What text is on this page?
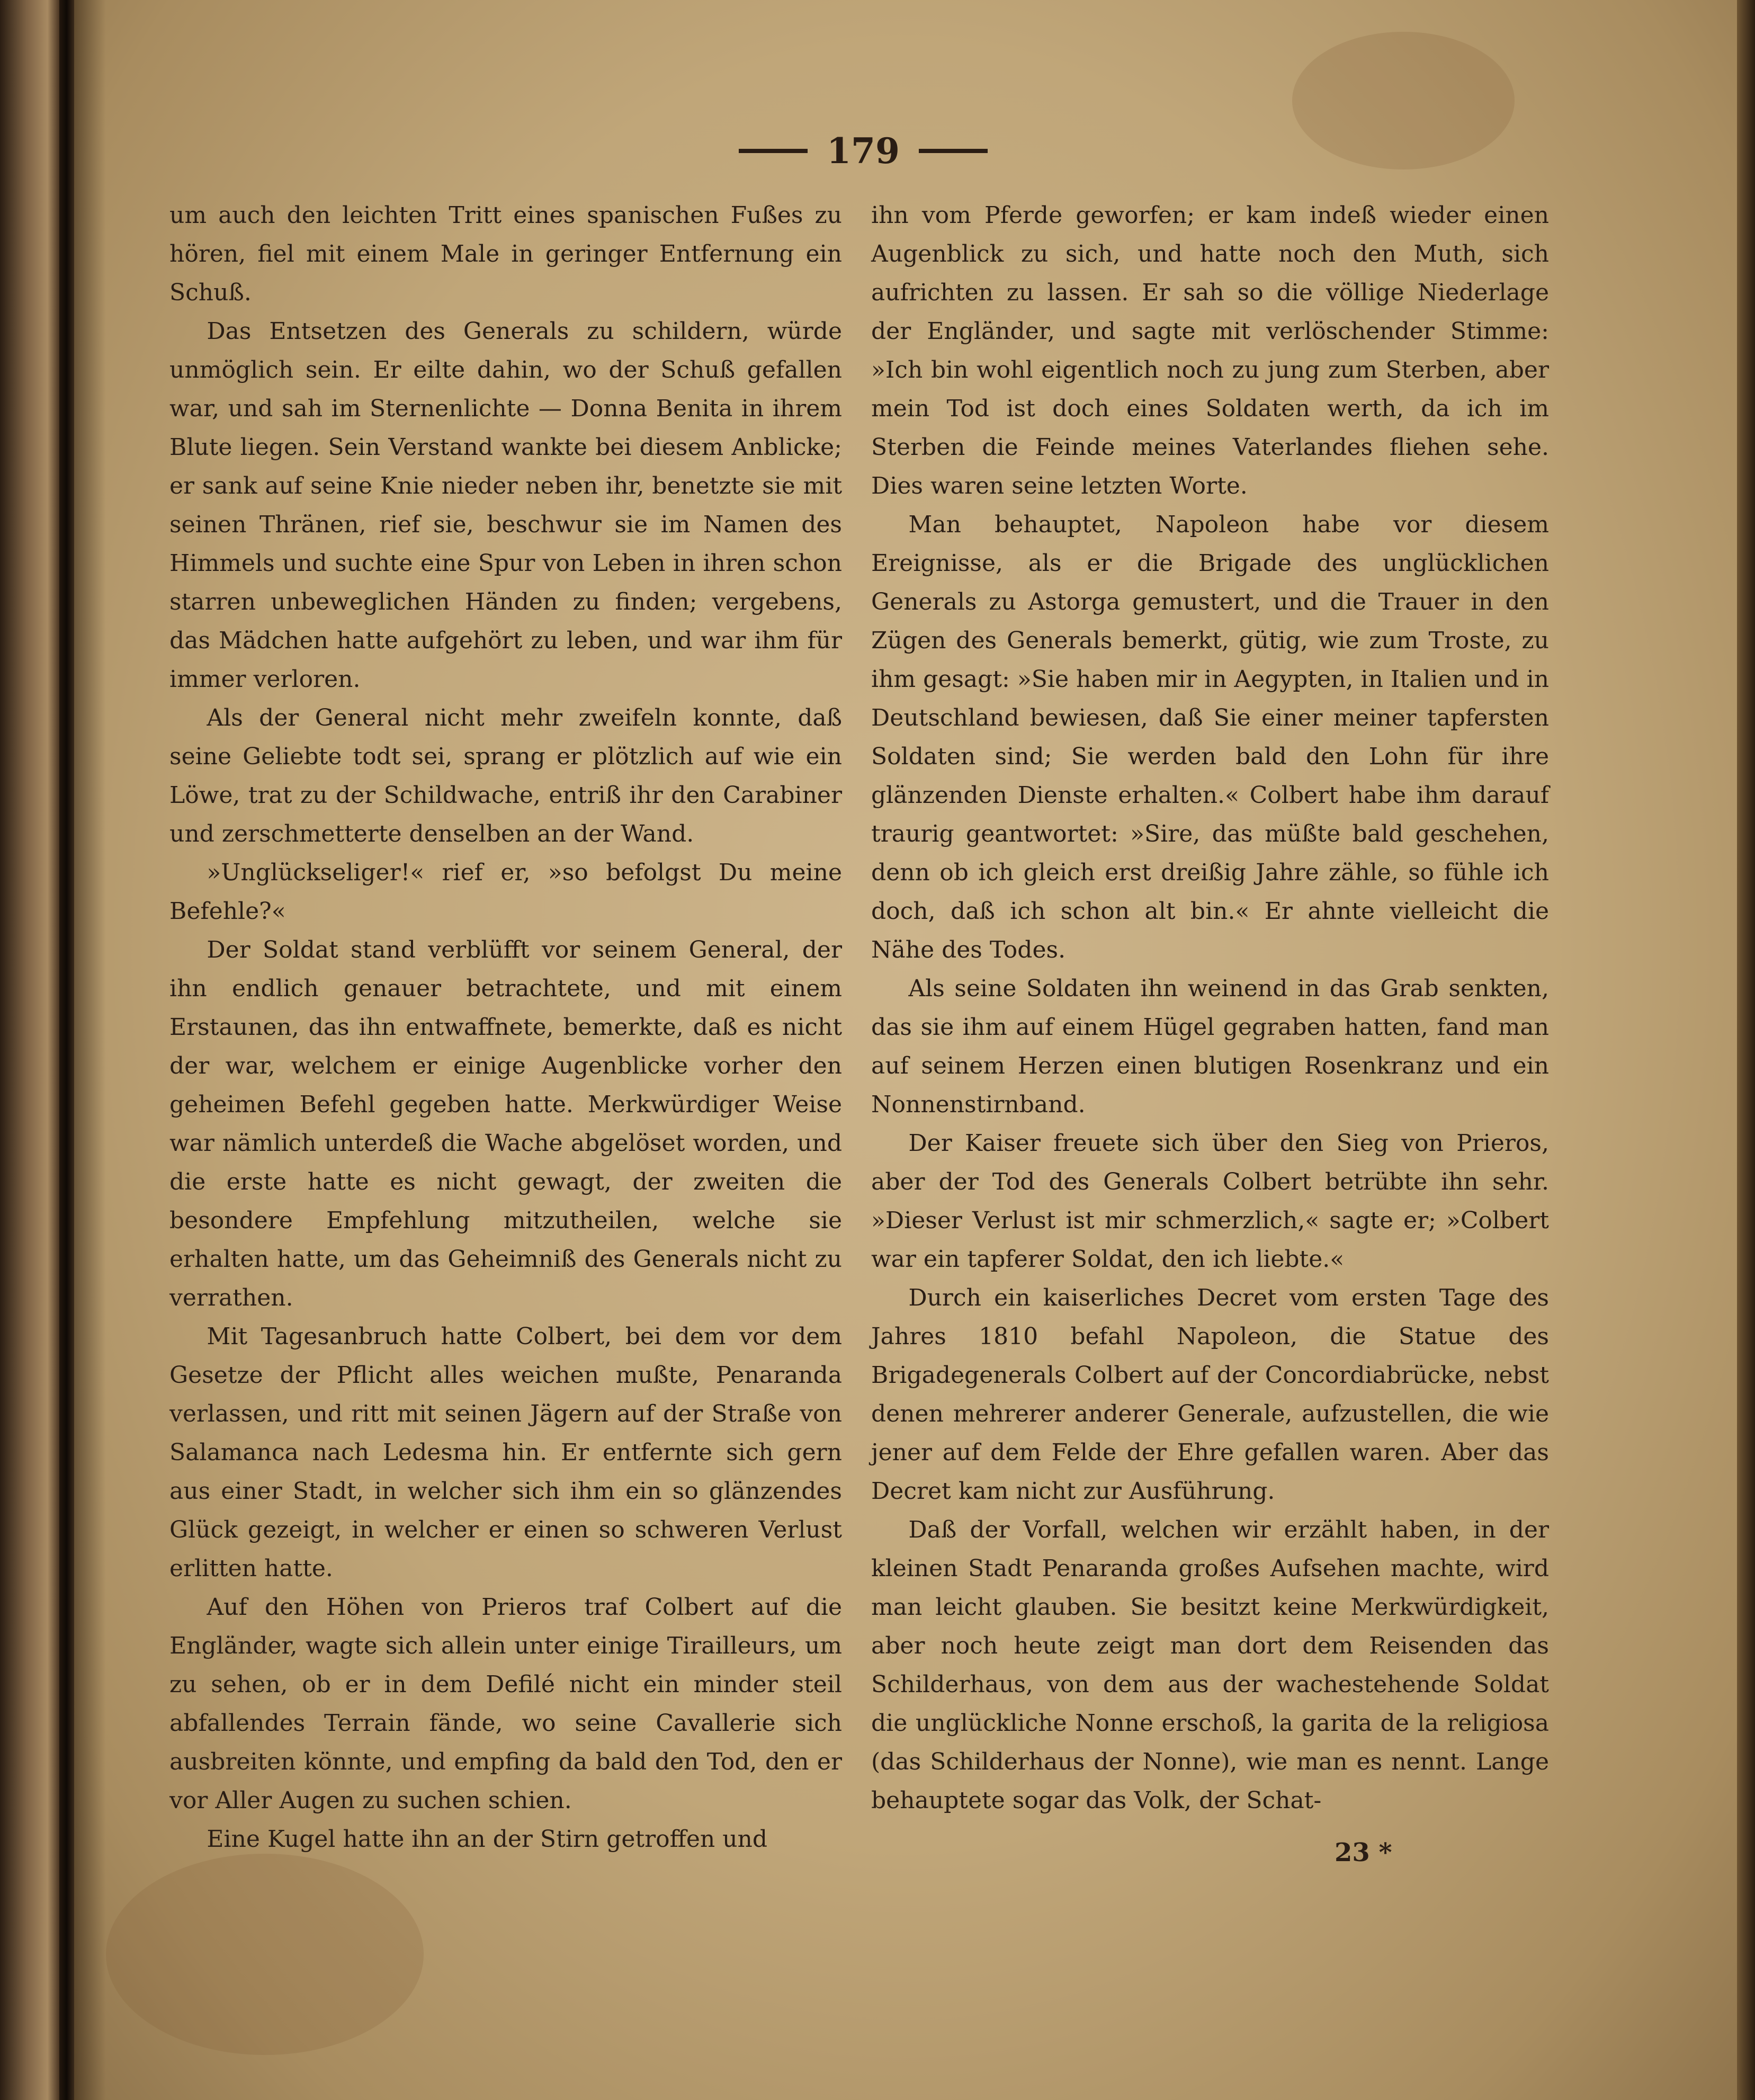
179

um auch den leichten Tritt eines spanischen Fußes zu hören, fiel mit einem Male in geringer Entfernung ein Schuß.

Das Entsetzen des Generals zu schildern, würde unmöglich sein. Er eilte dahin, wo der Schuß gefallen war, und sah im Sternenlichte — Donna Benita in ihrem Blute liegen. Sein Verstand wankte bei diesem Anblicke; er sank auf seine Knie nieder neben ihr, benetzte sie mit seinen Thränen, rief sie, beschwur sie im Namen des Himmels und suchte eine Spur von Leben in ihren schon starren unbeweglichen Händen zu finden; vergebens, das Mädchen hatte aufgehört zu leben, und war ihm für immer verloren.

Als der General nicht mehr zweifeln konnte, daß seine Geliebte todt sei, sprang er plötzlich auf wie ein Löwe, trat zu der Schildwache, entriß ihr den Carabiner und zerschmetterte denselben an der Wand.

»Unglückseliger!« rief er, »so befolgst Du meine Befehle?«

Der Soldat stand verblüfft vor seinem General, der ihn endlich genauer betrachtete, und mit einem Erstaunen, das ihn entwaffnete, bemerkte, daß es nicht der war, welchem er einige Augenblicke vorher den geheimen Befehl gegeben hatte. Merkwürdiger Weise war nämlich unterdeß die Wache abgelöset worden, und die erste hatte es nicht gewagt, der zweiten die besondere Empfehlung mitzutheilen, welche sie erhalten hatte, um das Geheimniß des Generals nicht zu verrathen.

Mit Tagesanbruch hatte Colbert, bei dem vor dem Gesetze der Pflicht alles weichen mußte, Penaranda verlassen, und ritt mit seinen Jägern auf der Straße von Salamanca nach Ledesma hin. Er entfernte sich gern aus einer Stadt, in welcher sich ihm ein so glänzendes Glück gezeigt, in welcher er einen so schweren Verlust erlitten hatte.

Auf den Höhen von Prieros traf Colbert auf die Engländer, wagte sich allein unter einige Tirailleurs, um zu sehen, ob er in dem Defilé nicht ein minder steil abfallendes Terrain fände, wo seine Cavallerie sich ausbreiten könnte, und empfing da bald den Tod, den er vor Aller Augen zu suchen schien.

Eine Kugel hatte ihn an der Stirn getroffen und

ihn vom Pferde geworfen; er kam indeß wieder einen Augenblick zu sich, und hatte noch den Muth, sich aufrichten zu lassen. Er sah so die völlige Niederlage der Engländer, und sagte mit verlöschender Stimme: »Ich bin wohl eigentlich noch zu jung zum Sterben, aber mein Tod ist doch eines Soldaten werth, da ich im Sterben die Feinde meines Vaterlandes fliehen sehe. Dies waren seine letzten Worte.

Man behauptet, Napoleon habe vor diesem Ereignisse, als er die Brigade des unglücklichen Generals zu Astorga gemustert, und die Trauer in den Zügen des Generals bemerkt, gütig, wie zum Troste, zu ihm gesagt: »Sie haben mir in Aegypten, in Italien und in Deutschland bewiesen, daß Sie einer meiner tapfersten Soldaten sind; Sie werden bald den Lohn für ihre glänzenden Dienste erhalten.« Colbert habe ihm darauf traurig geantwortet: »Sire, das müßte bald geschehen, denn ob ich gleich erst dreißig Jahre zähle, so fühle ich doch, daß ich schon alt bin.« Er ahnte vielleicht die Nähe des Todes.

Als seine Soldaten ihn weinend in das Grab senkten, das sie ihm auf einem Hügel gegraben hatten, fand man auf seinem Herzen einen blutigen Rosenkranz und ein Nonnenstirnband.

Der Kaiser freuete sich über den Sieg von Prieros, aber der Tod des Generals Colbert betrübte ihn sehr. »Dieser Verlust ist mir schmerzlich,« sagte er; »Colbert war ein tapferer Soldat, den ich liebte.«

Durch ein kaiserliches Decret vom ersten Tage des Jahres 1810 befahl Napoleon, die Statue des Brigadegenerals Colbert auf der Concordiabrücke, nebst denen mehrerer anderer Generale, aufzustellen, die wie jener auf dem Felde der Ehre gefallen waren. Aber das Decret kam nicht zur Ausführung.

Daß der Vorfall, welchen wir erzählt haben, in der kleinen Stadt Penaranda großes Aufsehen machte, wird man leicht glauben. Sie besitzt keine Merkwürdigkeit, aber noch heute zeigt man dort dem Reisenden das Schilderhaus, von dem aus der wachestehende Soldat die unglückliche Nonne erschoß, la garita de la religiosa (das Schilderhaus der Nonne), wie man es nennt. Lange behauptete sogar das Volk, der Schat-

23 *
